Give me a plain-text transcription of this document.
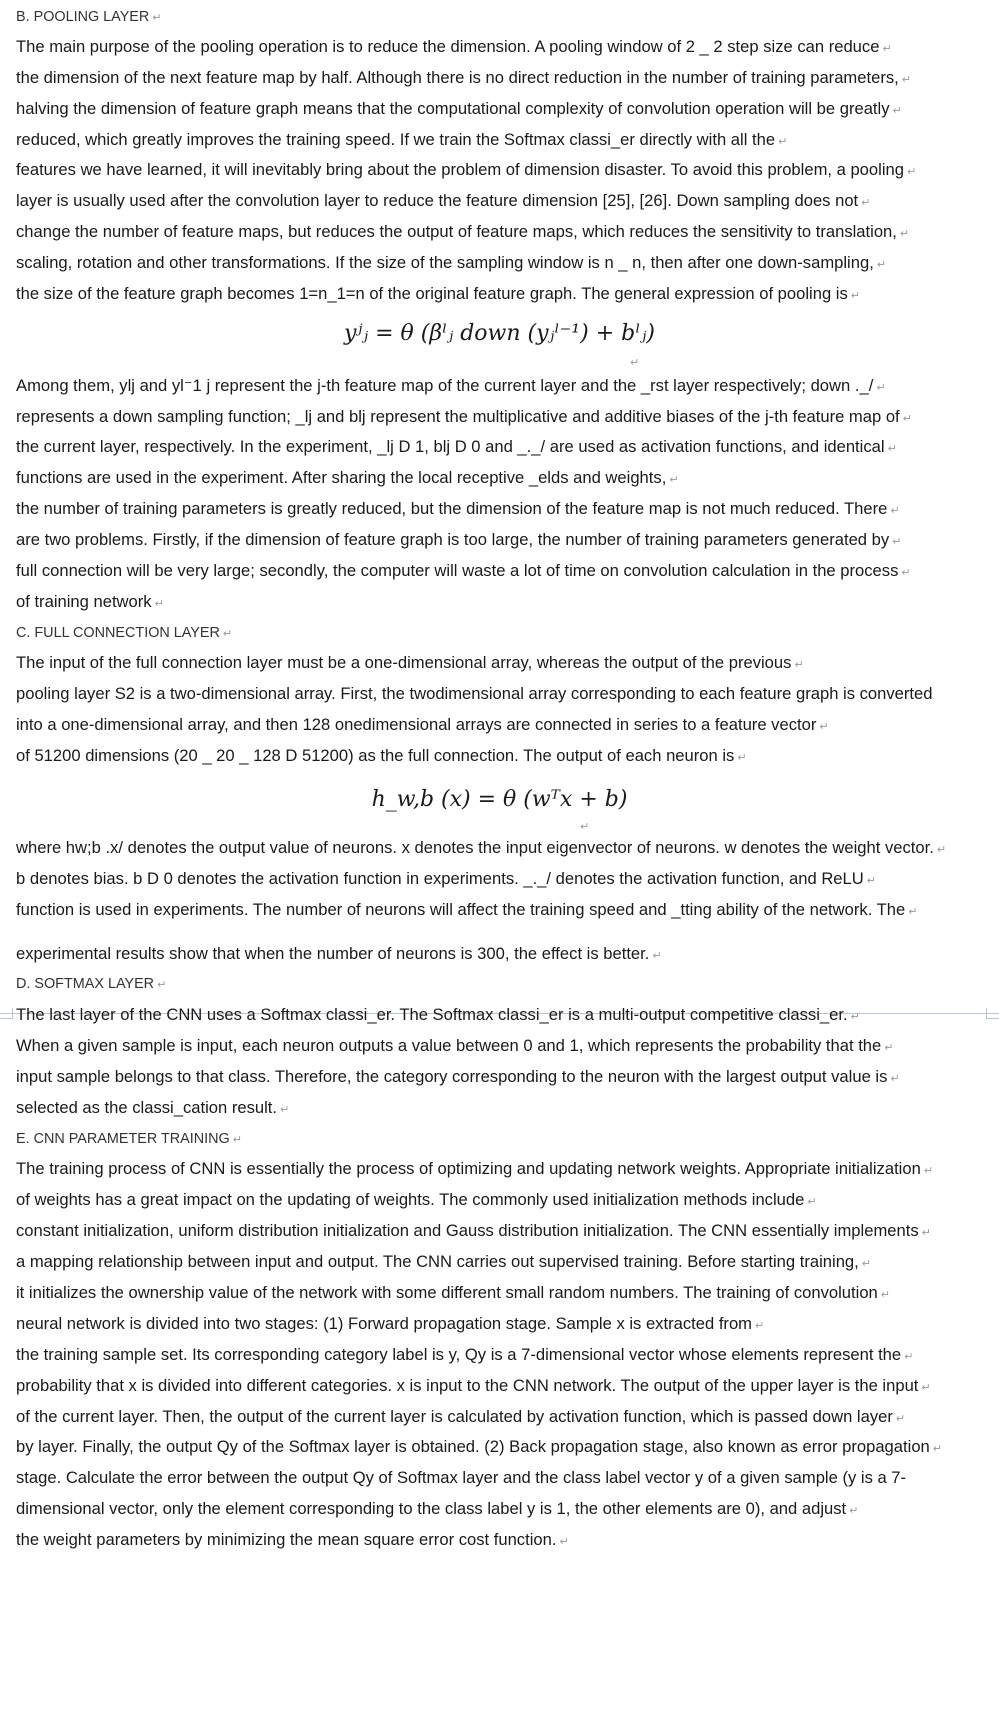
B. POOLING LAYER ↵
The main purpose of the pooling operation is to reduce the dimension. A pooling window of 2 _ 2 step size can reduce ↵
the dimension of the next feature map by half. Although there is no direct reduction in the number of training parameters, ↵
halving the dimension of feature graph means that the computational complexity of convolution operation will be greatly ↵
reduced, which greatly improves the training speed. If we train the Softmax classi_er directly with all the ↵
features we have learned, it will inevitably bring about the problem of dimension disaster. To avoid this problem, a pooling ↵
layer is usually used after the convolution layer to reduce the feature dimension [25], [26]. Down sampling does not ↵
change the number of feature maps, but reduces the output of feature maps, which reduces the sensitivity to translation, ↵
scaling, rotation and other transformations. If the size of the sampling window is n _ n, then after one down-sampling, ↵
the size of the feature graph becomes 1=n_1=n of the original feature graph. The general expression of pooling is ↵
yʲⱼ = θ (βˡⱼ down (yⱼˡ⁻¹) + bˡⱼ)
↵
Among them, ylj and yl⁻1 j represent the j-th feature map of the current layer and the _rst layer respectively; down ._/ ↵
represents a down sampling function; _lj and blj represent the multiplicative and additive biases of the j-th feature map of ↵
the current layer, respectively. In the experiment, _lj D 1, blj D 0 and _._/ are used as activation functions, and identical ↵
functions are used in the experiment. After sharing the local receptive _elds and weights, ↵
the number of training parameters is greatly reduced, but the dimension of the feature map is not much reduced. There ↵
are two problems. Firstly, if the dimension of feature graph is too large, the number of training parameters generated by ↵
full connection will be very large; secondly, the computer will waste a lot of time on convolution calculation in the process ↵
of training network ↵
C. FULL CONNECTION LAYER ↵
The input of the full connection layer must be a one-dimensional array, whereas the output of the previous ↵
pooling layer S2 is a two-dimensional array. First, the twodimensional array corresponding to each feature graph is converted
into a one-dimensional array, and then 128 onedimensional arrays are connected in series to a feature vector ↵
of 51200 dimensions (20 _ 20 _ 128 D 51200) as the full connection. The output of each neuron is ↵
h_w,b (x) = θ (wᵀx + b)
↵
where hw;b .x/ denotes the output value of neurons. x denotes the input eigenvector of neurons. w denotes the weight vector. ↵
b denotes bias. b D 0 denotes the activation function in experiments. _._/ denotes the activation function, and ReLU ↵
function is used in experiments. The number of neurons will affect the training speed and _tting ability of the network. The ↵
experimental results show that when the number of neurons is 300, the effect is better. ↵
D. SOFTMAX LAYER ↵
The last layer of the CNN uses a Softmax classi_er. The Softmax classi_er is a multi-output competitive classi_er. ↵
When a given sample is input, each neuron outputs a value between 0 and 1, which represents the probability that the ↵
input sample belongs to that class. Therefore, the category corresponding to the neuron with the largest output value is ↵
selected as the classi_cation result. ↵
E. CNN PARAMETER TRAINING ↵
The training process of CNN is essentially the process of optimizing and updating network weights. Appropriate initialization ↵
of weights has a great impact on the updating of weights. The commonly used initialization methods include ↵
constant initialization, uniform distribution initialization and Gauss distribution initialization. The CNN essentially implements ↵
a mapping relationship between input and output. The CNN carries out supervised training. Before starting training, ↵
it initializes the ownership value of the network with some different small random numbers. The training of convolution ↵
neural network is divided into two stages: (1) Forward propagation stage. Sample x is extracted from ↵
the training sample set. Its corresponding category label is y, Qy is a 7-dimensional vector whose elements represent the ↵
probability that x is divided into different categories. x is input to the CNN network. The output of the upper layer is the input ↵
of the current layer. Then, the output of the current layer is calculated by activation function, which is passed down layer ↵
by layer. Finally, the output Qy of the Softmax layer is obtained. (2) Back propagation stage, also known as error propagation ↵
stage. Calculate the error between the output Qy of Softmax layer and the class label vector y of a given sample (y is a 7-
dimensional vector, only the element corresponding to the class label y is 1, the other elements are 0), and adjust ↵
the weight parameters by minimizing the mean square error cost function. ↵
